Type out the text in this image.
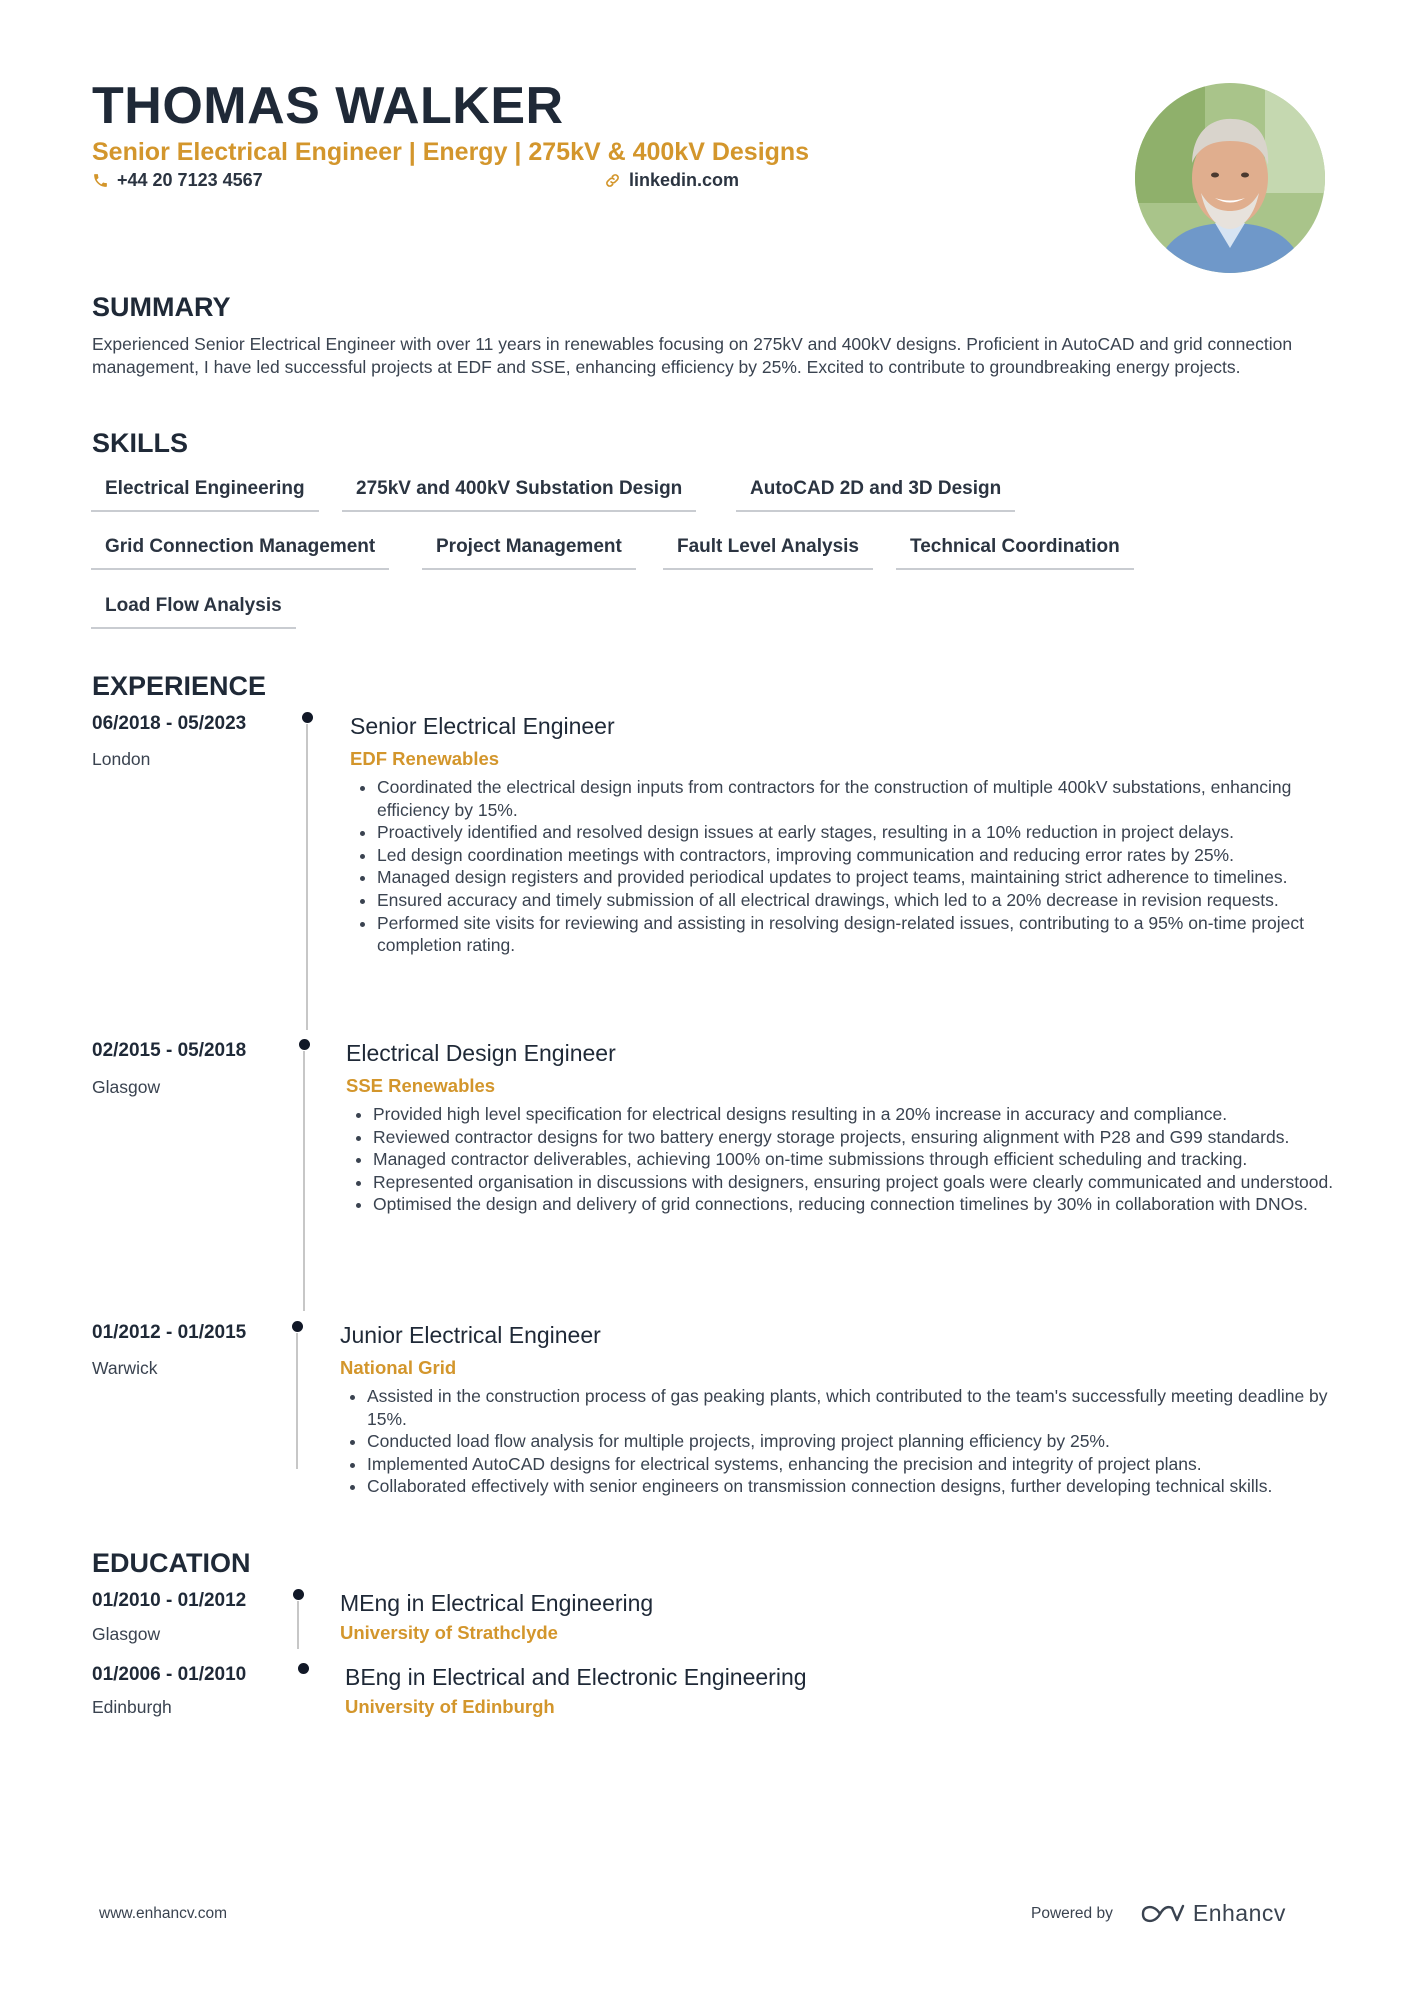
THOMAS WALKER
Senior Electrical Engineer | Energy | 275kV & 400kV Designs
+44 20 7123 4567	linkedin.com
SUMMARY

Experienced Senior Electrical Engineer with over 11 years in renewables focusing on 275kV and 400kV designs. Proficient in AutoCAD and grid connection management, I have led successful projects at EDF and SSE, enhancing efficiency by 25%. Excited to contribute to groundbreaking energy projects.

SKILLS
Electrical Engineering	275kV and 400kV Substation Design	AutoCAD 2D and 3D Design
Grid Connection Management	Project Management	Fault Level Analysis	Technical Coordination
Load Flow Analysis
EXPERIENCE
06/2018 - 05/2023
London
Senior Electrical Engineer
EDF Renewables
• Coordinated the electrical design inputs from contractors for the construction of multiple 400kV substations, enhancing efficiency by 15%.
• Proactively identified and resolved design issues at early stages, resulting in a 10% reduction in project delays.
• Led design coordination meetings with contractors, improving communication and reducing error rates by 25%.
• Managed design registers and provided periodical updates to project teams, maintaining strict adherence to timelines.
• Ensured accuracy and timely submission of all electrical drawings, which led to a 20% decrease in revision requests.
• Performed site visits for reviewing and assisting in resolving design-related issues, contributing to a 95% on-time project completion rating.
02/2015 - 05/2018
Glasgow
Electrical Design Engineer
SSE Renewables
• Provided high level specification for electrical designs resulting in a 20% increase in accuracy and compliance.
• Reviewed contractor designs for two battery energy storage projects, ensuring alignment with P28 and G99 standards.
• Managed contractor deliverables, achieving 100% on-time submissions through efficient scheduling and tracking.
• Represented organisation in discussions with designers, ensuring project goals were clearly communicated and understood.
• Optimised the design and delivery of grid connections, reducing connection timelines by 30% in collaboration with DNOs.
01/2012 - 01/2015
Warwick
Junior Electrical Engineer
National Grid
• Assisted in the construction process of gas peaking plants, which contributed to the team's successfully meeting deadline by 15%.
• Conducted load flow analysis for multiple projects, improving project planning efficiency by 25%.
• Implemented AutoCAD designs for electrical systems, enhancing the precision and integrity of project plans.
• Collaborated effectively with senior engineers on transmission connection designs, further developing technical skills.
EDUCATION
01/2010 - 01/2012
Glasgow
MEng in Electrical Engineering
University of Strathclyde
01/2006 - 01/2010
Edinburgh
BEng in Electrical and Electronic Engineering
University of Edinburgh
www.enhancv.com	Powered by	Enhancv
